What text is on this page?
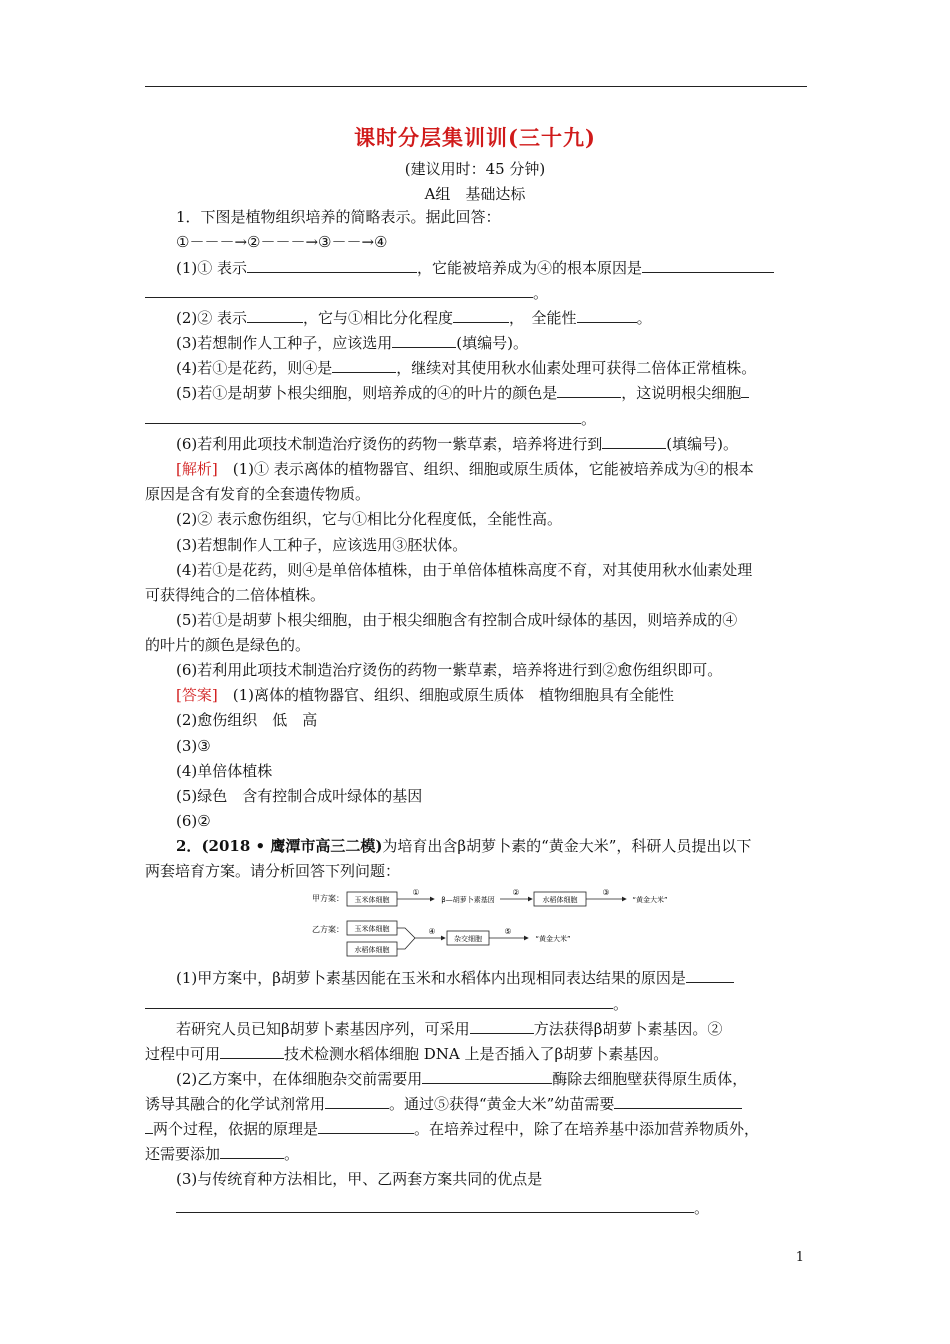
课时分层集训训(三十九)
(建议用时：45 分钟)
A组　基础达标
1．下图是植物组织培养的简略表示。据此回答：
①－－－→②－－－→③－－→④
(1)① 表示	，它能被培养成为④的根本原因是
。
(2)② 表示	，它与①相比分化程度	，　全能性	。
(3)若想制作人工种子，应该选用	(填编号)。
(4)若①是花药，则④是	，继续对其使用秋水仙素处理可获得二倍体正常植株。
(5)若①是胡萝卜根尖细胞，则培养成的④的叶片的颜色是	，这说明根尖细胞
。
(6)若利用此项技术制造治疗烫伤的药物一紫草素，培养将进行到	(填编号)。
[解析]　(1)① 表示离体的植物器官、组织、细胞或原生质体，它能被培养成为④的根本
原因是含有发育的全套遗传物质。
(2)② 表示愈伤组织，它与①相比分化程度低，全能性高。
(3)若想制作人工种子，应该选用③胚状体。
(4)若①是花药，则④是单倍体植株，由于单倍体植株高度不育，对其使用秋水仙素处理
可获得纯合的二倍体植株。
(5)若①是胡萝卜根尖细胞，由于根尖细胞含有控制合成叶绿体的基因，则培养成的④
的叶片的颜色是绿色的。
(6)若利用此项技术制造治疗烫伤的药物一紫草素，培养将进行到②愈伤组织即可。
[答案]　(1)离体的植物器官、组织、细胞或原生质体　植物细胞具有全能性
(2)愈伤组织　低　高
(3)③
(4)单倍体植株
(5)绿色　含有控制合成叶绿体的基因
(6)②
2．(2018 • 鹰潭市高三二模)为培育出含β胡萝卜素的“黄金大米”，科研人员提出以下
两套培育方案。请分析回答下列问题：
甲方案： 玉米体细胞
①
β—胡萝卜素基因
②
水稻体细胞
③
“黄金大米”
乙方案： 玉米体细胞
水稻体细胞
④
杂交细胞
⑤
“黄金大米”
(1)甲方案中，β胡萝卜素基因能在玉米和水稻体内出现相同表达结果的原因是
。
若研究人员已知β胡萝卜素基因序列，可采用	方法获得β胡萝卜素基因。②
过程中可用	技术检测水稻体细胞 DNA 上是否插入了β胡萝卜素基因。
(2)乙方案中，在体细胞杂交前需要用	酶除去细胞壁获得原生质体，
诱导其融合的化学试剂常用	。通过⑤获得“黄金大米”幼苗需要
两个过程，依据的原理是	。在培养过程中，除了在培养基中添加营养物质外，
还需要添加	。
(3)与传统育种方法相比，甲、乙两套方案共同的优点是
。
1
